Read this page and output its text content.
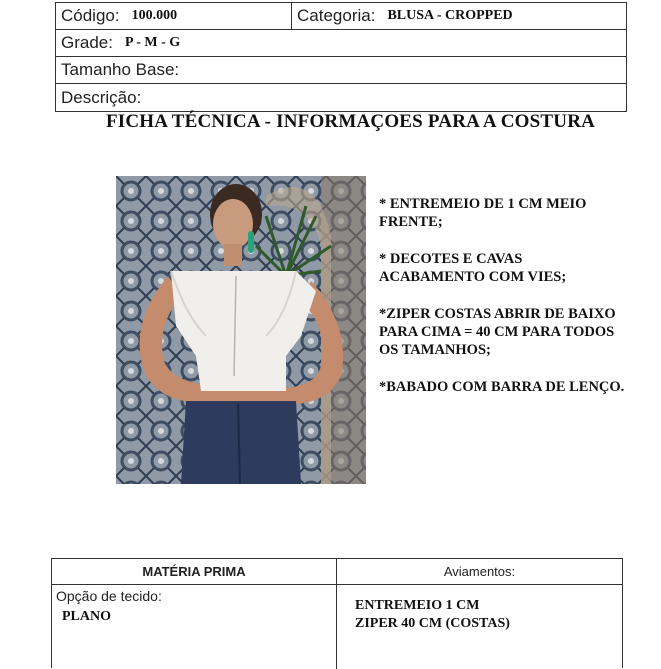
Código: 100.000	Categoria: BLUSA - CROPPED
Grade: P - M - G
Tamanho Base:
Descrição:
FICHA TÉCNICA - INFORMAÇOES PARA A COSTURA

* ENTREMEIO DE 1 CM MEIO FRENTE;

* DECOTES E CAVAS ACABAMENTO COM VIES;

*ZIPER COSTAS ABRIR DE BAIXO PARA CIMA = 40 CM PARA TODOS OS TAMANHOS;

*BABADO COM BARRA DE LENÇO.

MATÉRIA PRIMA	Aviamentos:
Opção de tecido:
PLANO
ENTREMEIO 1 CM
ZIPER 40 CM (COSTAS)
